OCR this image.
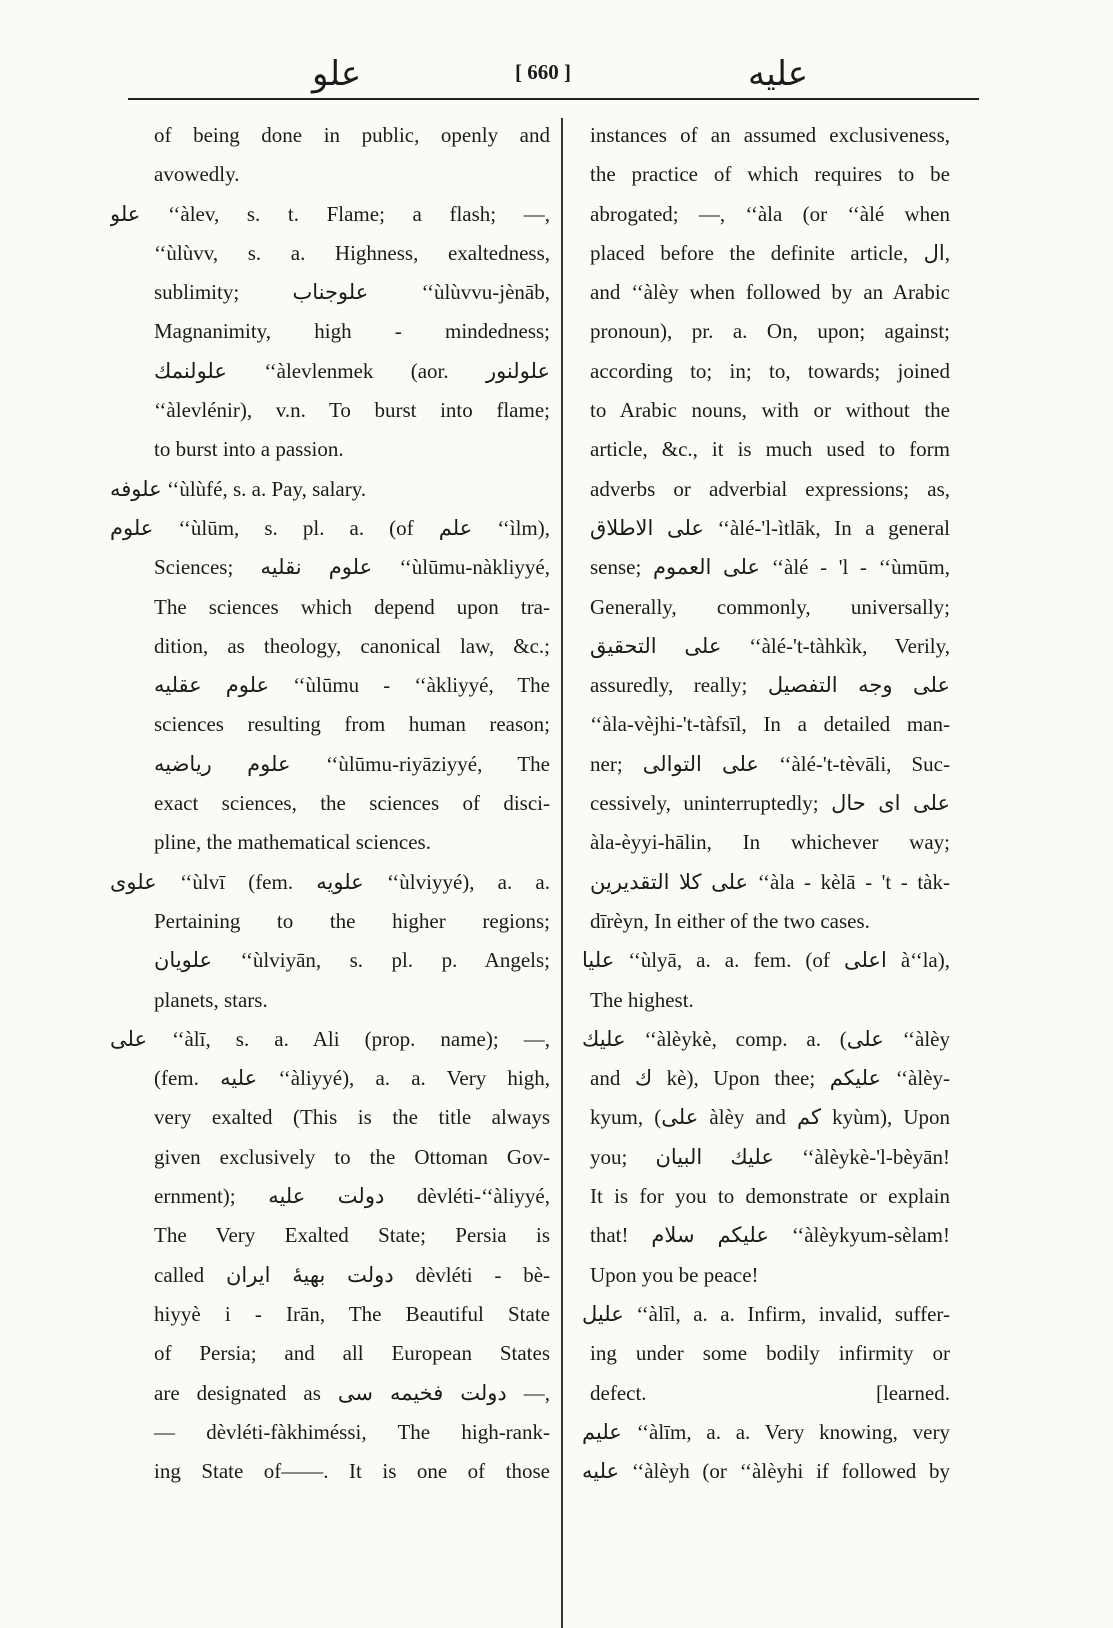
علو	[ 660 ]	علیه
of being done in public, openly and
avowedly.
علو ‘‘àlev, s. t. Flame; a flash; —,
‘‘ùlùvv, s. a. Highness, exaltedness,
sublimity; علوجناب ‘‘ùlùvvu-jènāb,
Magnanimity, high - mindedness;
علولنمك ‘‘àlevlenmek (aor. علولنور
‘‘àlevlénir), v.n. To burst into flame;
to burst into a passion.
علوفه ‘‘ùlùfé, s. a. Pay, salary.
علوم ‘‘ùlūm, s. pl. a. (of علم ‘‘ìlm),
Sciences; علوم نقلیه ‘‘ùlūmu-nàkliyyé,
The sciences which depend upon tra-
dition, as theology, canonical law, &c.;
علوم عقلیه ‘‘ùlūmu - ‘‘àkliyyé, The
sciences resulting from human reason;
علوم ریاضیه ‘‘ùlūmu-riyāziyyé, The
exact sciences, the sciences of disci-
pline, the mathematical sciences.
علوی ‘‘ùlvī (fem. علویه ‘‘ùlviyyé), a. a.
Pertaining to the higher regions;
علویان ‘‘ùlviyān, s. pl. p. Angels;
planets, stars.
علی ‘‘àlī, s. a. Ali (prop. name); —,
(fem. علیه ‘‘àliyyé), a. a. Very high,
very exalted (This is the title always
given exclusively to the Ottoman Gov-
ernment); دولت علیه dèvléti-‘‘àliyyé,
The Very Exalted State; Persia is
called دولت بهیهٔ ایران dèvléti - bè-
hiyyè i - Irān, The Beautiful State
of Persia; and all European States
are designated as دولت فخیمه سی —,
— dèvléti-fàkhiméssi, The high-rank-
ing State of——. It is one of those
instances of an assumed exclusiveness,
the practice of which requires to be
abrogated; —, ‘‘àla (or ‘‘àlé when
placed before the definite article, ال,
and ‘‘àlèy when followed by an Arabic
pronoun), pr. a. On, upon; against;
according to; in; to, towards; joined
to Arabic nouns, with or without the
article, &c., it is much used to form
adverbs or adverbial expressions; as,
علی الاطلاق ‘‘àlé-'l-ìtlāk, In a general
sense; علی العموم ‘‘àlé - 'l - ‘‘ùmūm,
Generally, commonly, universally;
علی التحقیق ‘‘àlé-'t-tàhkìk, Verily,
assuredly, really; علی وجه التفصیل
‘‘àla-vèjhi-'t-tàfsīl, In a detailed man-
ner; علی التوالی ‘‘àlé-'t-tèvāli, Suc-
cessively, uninterruptedly; علی ای حال
àla-èyyi-hālin, In whichever way;
علی کلا التقدیرین ‘‘àla - kèlā - 't - tàk-
dīrèyn, In either of the two cases.
علیا ‘‘ùlyā, a. a. fem. (of اعلی à‘‘la),
The highest.
علیك ‘‘àlèykè, comp. a. (علی ‘‘àlèy
and ك kè), Upon thee; علیکم ‘‘àlèy-
kyum, (علی àlèy and کم kyùm), Upon
you; علیك البیان ‘‘àlèykè-'l-bèyān!
It is for you to demonstrate or explain
that! علیکم سلام ‘‘àlèykyum-sèlam!
Upon you be peace!
علیل ‘‘àlīl, a. a. Infirm, invalid, suffer-
ing under some bodily infirmity or
defect. [learned.
علیم ‘‘àlīm, a. a. Very knowing, very
علیه ‘‘àlèyh (or ‘‘àlèyhi if followed by
